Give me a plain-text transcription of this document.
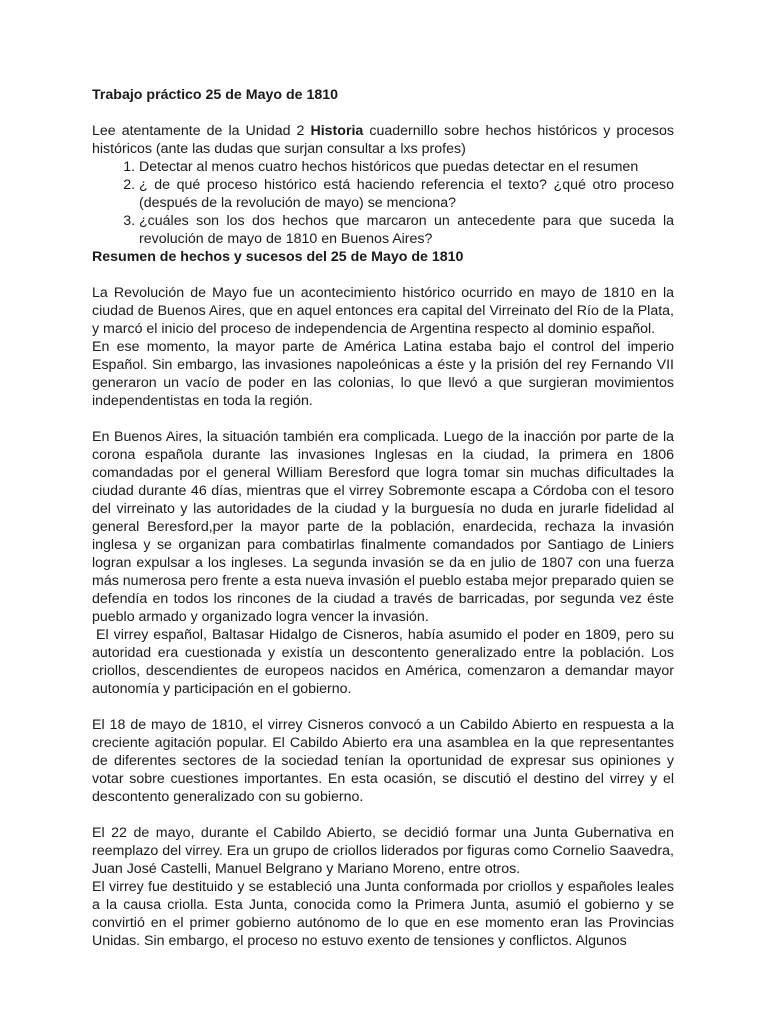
Trabajo práctico 25 de Mayo de 1810

Lee atentamente de la Unidad 2 Historia cuadernillo sobre hechos históricos y procesos históricos (ante las dudas que surjan consultar a lxs profes)

1. Detectar al menos cuatro hechos históricos que puedas detectar en el resumen
2. ¿ de qué proceso histórico está haciendo referencia el texto? ¿qué otro proceso (después de la revolución de mayo) se menciona?
3. ¿cuáles son los dos hechos que marcaron un antecedente para que suceda la revolución de mayo de 1810 en Buenos Aires?

Resumen de hechos y sucesos del 25 de Mayo de 1810

La Revolución de Mayo fue un acontecimiento histórico ocurrido en mayo de 1810 en la ciudad de Buenos Aires, que en aquel entonces era capital del Virreinato del Río de la Plata, y marcó el inicio del proceso de independencia de Argentina respecto al dominio español.

En ese momento, la mayor parte de América Latina estaba bajo el control del imperio Español. Sin embargo, las invasiones napoleónicas a éste y la prisión del rey Fernando VII generaron un vacío de poder en las colonias, lo que llevó a que surgieran movimientos independentistas en toda la región.

En Buenos Aires, la situación también era complicada. Luego de la inacción por parte de la corona española durante las invasiones Inglesas en la ciudad, la primera en 1806 comandadas por el general William Beresford que logra tomar sin muchas dificultades la ciudad durante 46 días, mientras que el virrey Sobremonte escapa a Córdoba con el tesoro del virreinato y las autoridades de la ciudad y la burguesía no duda en jurarle fidelidad al general Beresford,per la mayor parte de la población, enardecida, rechaza la invasión inglesa y se organizan para combatirlas finalmente comandados por Santiago de Liniers logran expulsar a los ingleses. La segunda invasión se da en julio de 1807 con una fuerza más numerosa pero frente a esta nueva invasión el pueblo estaba mejor preparado quien se defendía en todos los rincones de la ciudad a través de barricadas, por segunda vez éste pueblo armado y organizado logra vencer la invasión.

El virrey español, Baltasar Hidalgo de Cisneros, había asumido el poder en 1809, pero su autoridad era cuestionada y existía un descontento generalizado entre la población. Los criollos, descendientes de europeos nacidos en América, comenzaron a demandar mayor autonomía y participación en el gobierno.

El 18 de mayo de 1810, el virrey Cisneros convocó a un Cabildo Abierto en respuesta a la creciente agitación popular. El Cabildo Abierto era una asamblea en la que representantes de diferentes sectores de la sociedad tenían la oportunidad de expresar sus opiniones y votar sobre cuestiones importantes. En esta ocasión, se discutió el destino del virrey y el descontento generalizado con su gobierno.

El 22 de mayo, durante el Cabildo Abierto, se decidió formar una Junta Gubernativa en reemplazo del virrey. Era un grupo de criollos liderados por figuras como Cornelio Saavedra, Juan José Castelli, Manuel Belgrano y Mariano Moreno, entre otros.

El virrey fue destituido y se estableció una Junta conformada por criollos y españoles leales a la causa criolla. Esta Junta, conocida como la Primera Junta, asumió el gobierno y se convirtió en el primer gobierno autónomo de lo que en ese momento eran las Provincias Unidas. Sin embargo, el proceso no estuvo exento de tensiones y conflictos. Algunos
